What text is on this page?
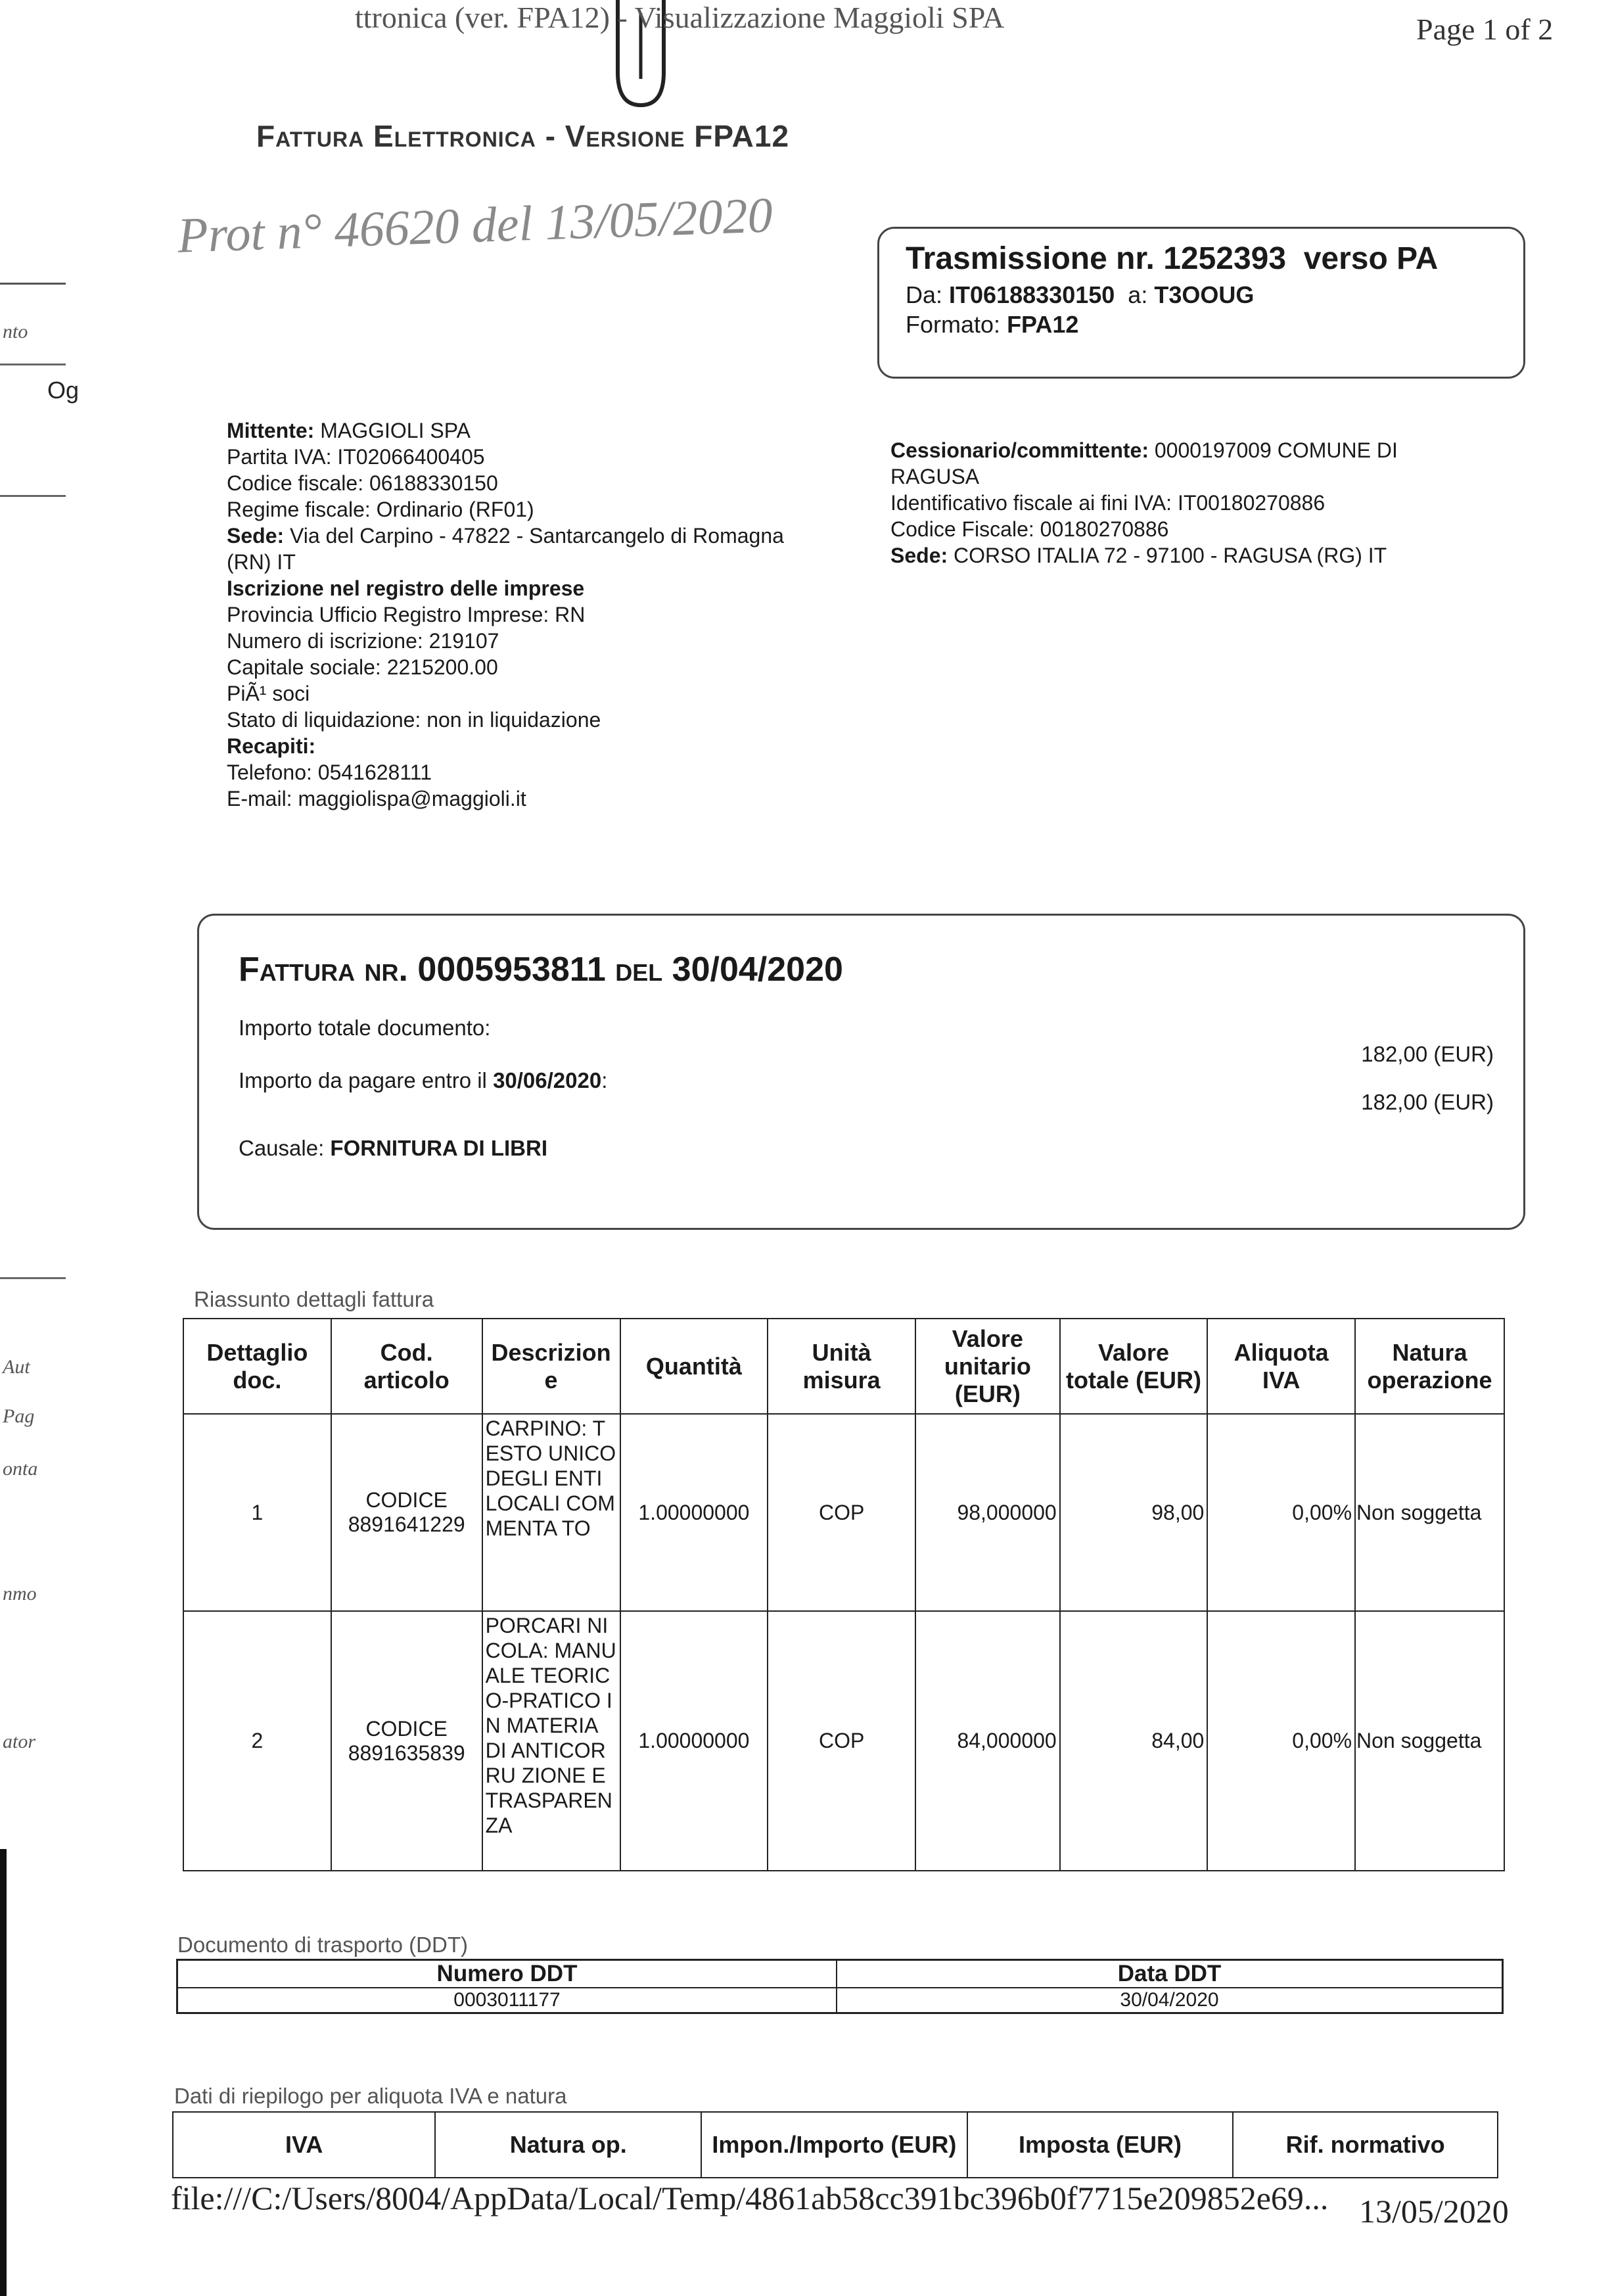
nto
Og
Aut
Pag
onta
nmo
ator
ttronica (ver. FPA12) - Visualizzazione Maggioli SPA	Page 1 of 2
Fattura Elettronica - Versione FPA12
Prot n° 46620 del 13/05/2020	Trasmissione nr. 1252393 verso PA
Da: IT06188330150 a: T3OOUG
Formato: FPA12
Mittente: MAGGIOLI SPA
Partita IVA: IT02066400405
Codice fiscale: 06188330150
Regime fiscale: Ordinario (RF01)
Sede: Via del Carpino - 47822 - Santarcangelo di Romagna
(RN) IT
Iscrizione nel registro delle imprese
Provincia Ufficio Registro Imprese: RN
Numero di iscrizione: 219107
Capitale sociale: 2215200.00
PiÃ¹ soci
Stato di liquidazione: non in liquidazione
Recapiti:
Telefono: 0541628111
E-mail: maggiolispa@maggioli.it
Cessionario/committente: 0000197009 COMUNE DI
RAGUSA
Identificativo fiscale ai fini IVA: IT00180270886
Codice Fiscale: 00180270886
Sede: CORSO ITALIA 72 - 97100 - RAGUSA (RG) IT
Fattura nr. 0005953811 del 30/04/2020
Importo totale documento:
182,00 (EUR)
Importo da pagare entro il 30/06/2020:
182,00 (EUR)
Causale: FORNITURA DI LIBRI
Riassunto dettagli fattura
Dettaglio doc.	Cod. articolo	Descrizion e	Quantità	Unità misura	Valore unitario (EUR)	Valore totale (EUR)	Aliquota IVA	Natura operazione
1	CODICE 8891641229	CARPINO: TESTO UNICO DEGLI ENTI LOCALI COMMENTA TO	1.00000000	COP	98,000000	98,00	0,00%	Non soggetta
2	CODICE 8891635839	PORCARI NICOLA: MANUALE TEORICO-PRATICO IN MATERIA DI ANTICORRU ZIONE E TRASPAREN ZA	1.00000000	COP	84,000000	84,00	0,00%	Non soggetta
Documento di trasporto (DDT)
Numero DDT	Data DDT
0003011177	30/04/2020
Dati di riepilogo per aliquota IVA e natura
IVA	Natura op.	Impon./Importo (EUR)	Imposta (EUR)	Rif. normativo
file:///C:/Users/8004/AppData/Local/Temp/4861ab58cc391bc396b0f7715e209852e69... 13/05/2020
